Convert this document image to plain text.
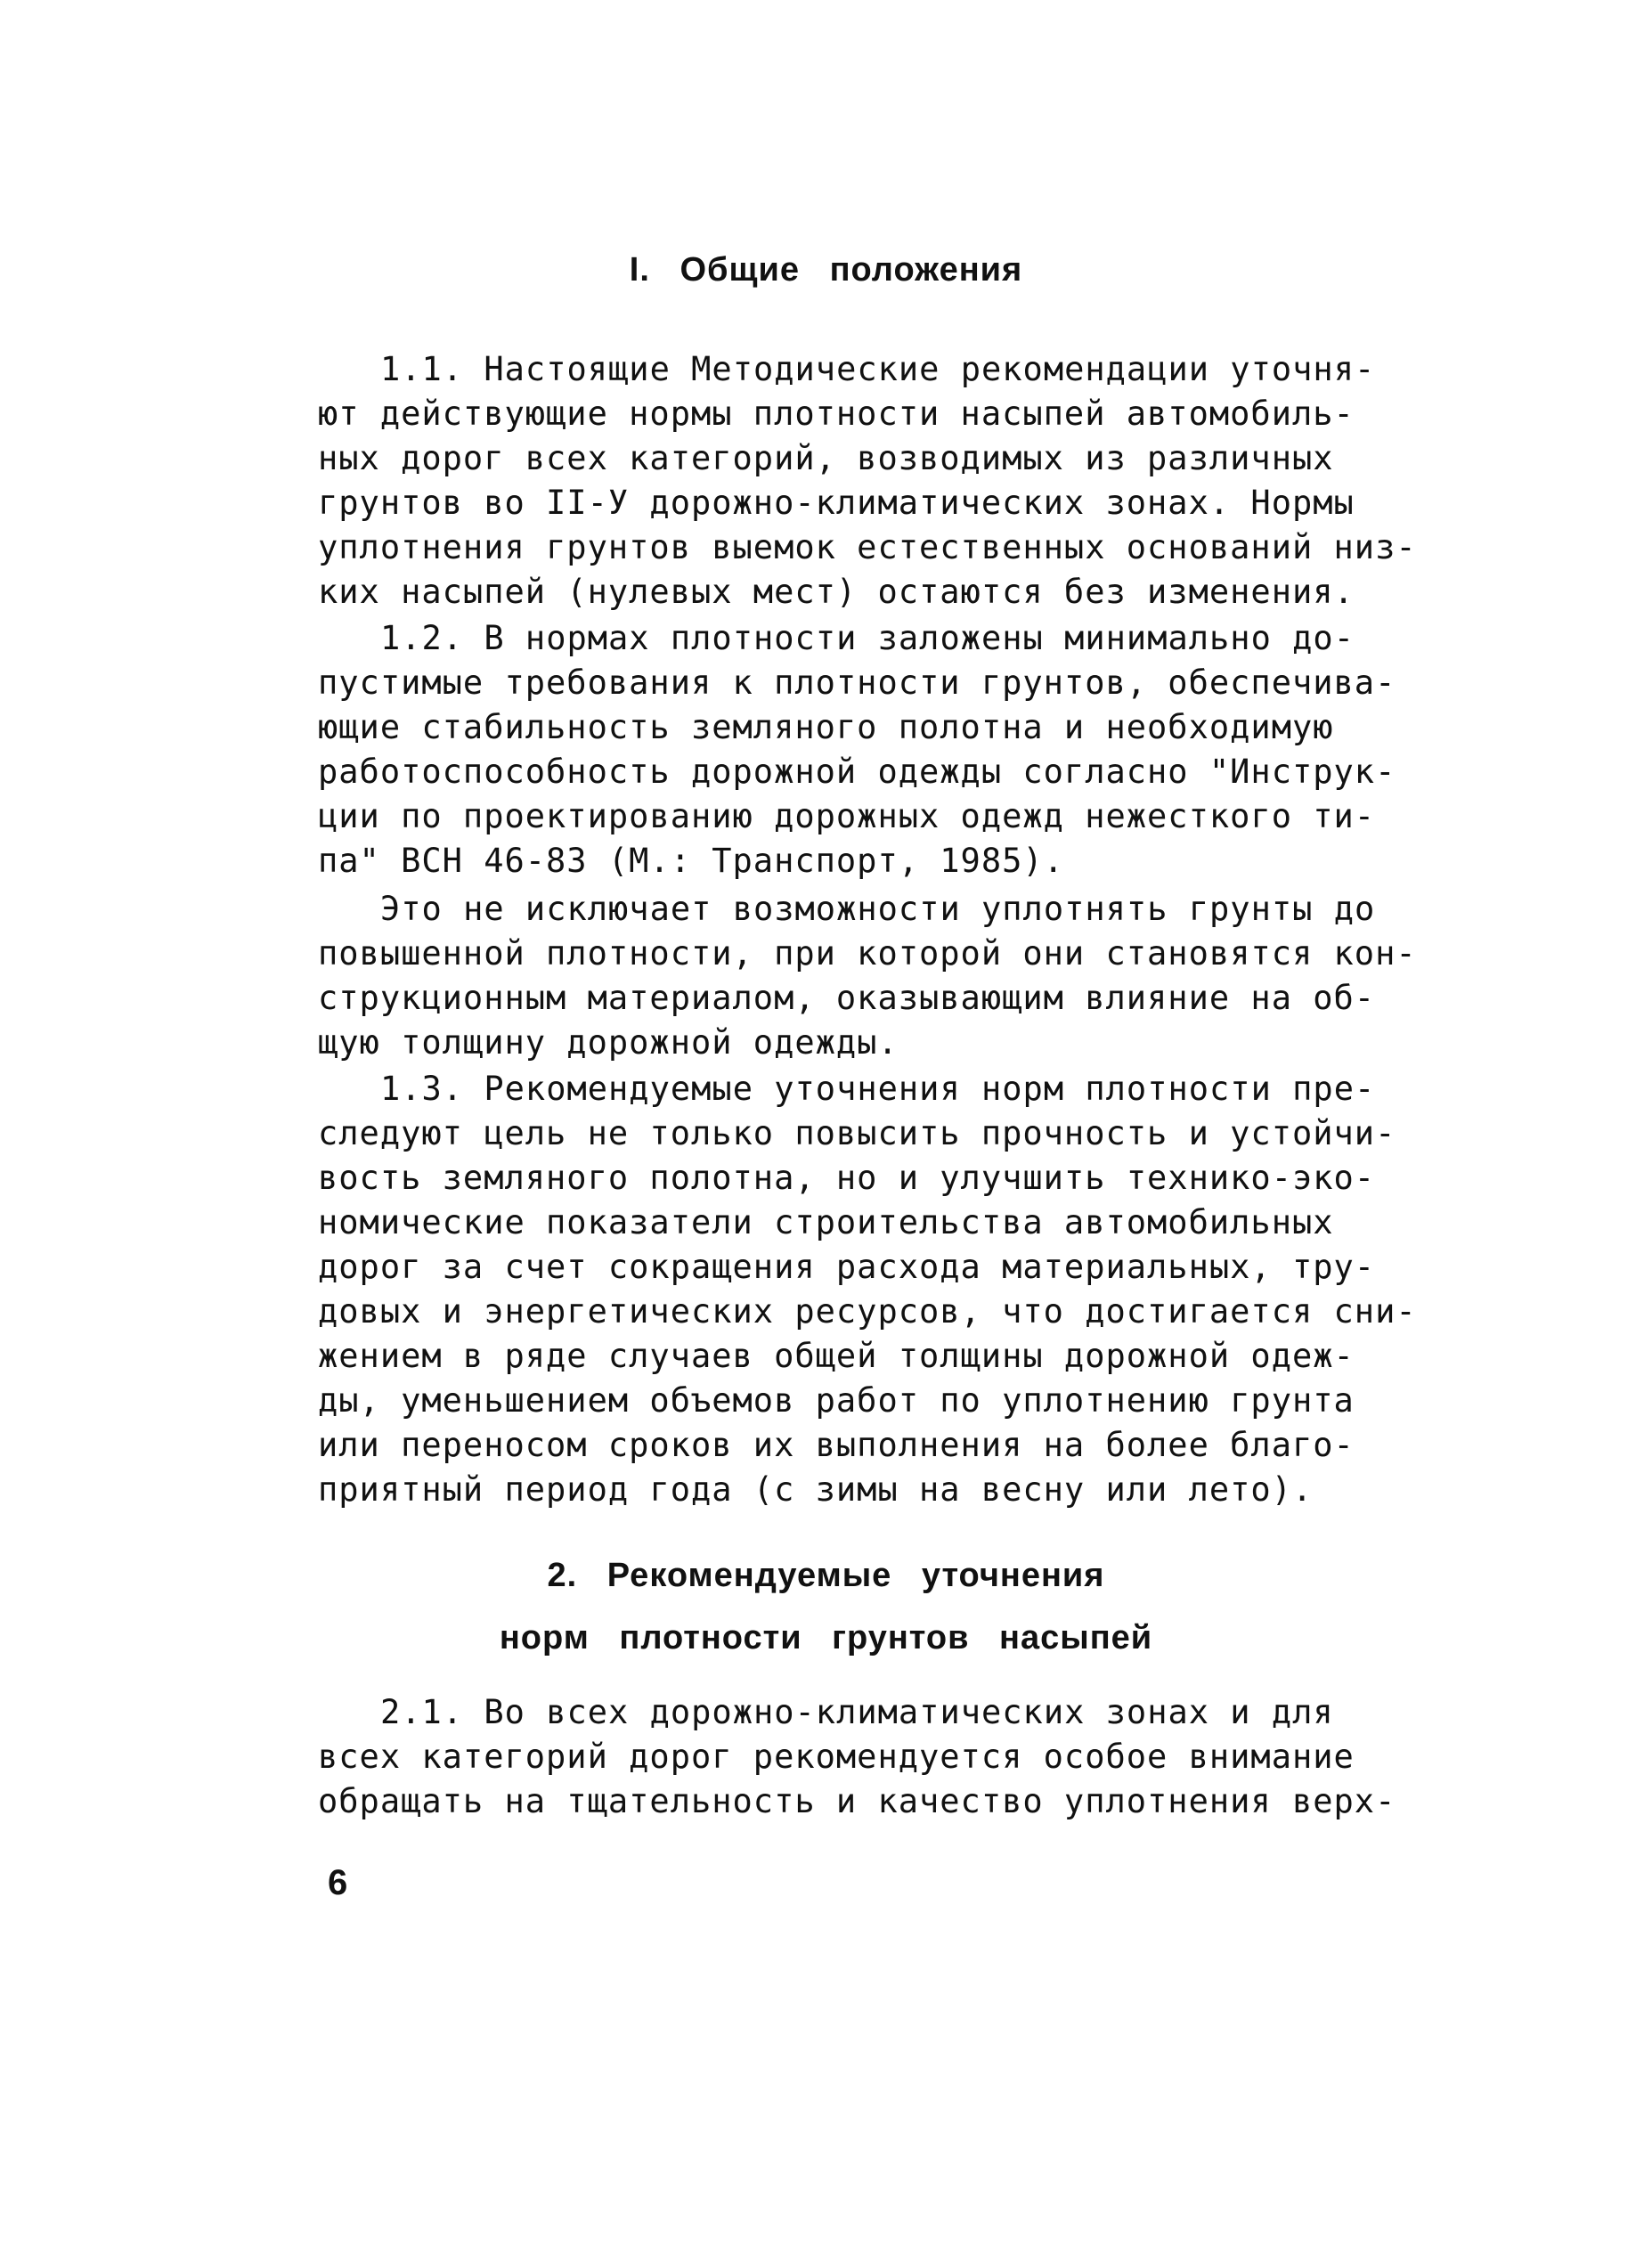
I. Общие положения
1.1. Настоящие Методические рекомендации уточня-
ют действующие нормы плотности насыпей автомобиль-
ных дорог всех категорий, возводимых из различных
грунтов во II-У дорожно-климатических зонах. Нормы
уплотнения грунтов выемок естественных оснований низ-
ких насыпей (нулевых мест) остаются без изменения.
1.2. В нормах плотности заложены минимально до-
пустимые требования к плотности грунтов, обеспечива-
ющие стабильность земляного полотна и необходимую
работоспособность дорожной одежды согласно "Инструк-
ции по проектированию дорожных одежд нежесткого ти-
па" ВСН 46-83 (М.: Транспорт, 1985).
Это не исключает возможности уплотнять грунты до
повышенной плотности, при которой они становятся кон-
струкционным материалом, оказывающим влияние на об-
щую толщину дорожной одежды.
1.3. Рекомендуемые уточнения норм плотности пре-
следуют цель не только повысить прочность и устойчи-
вость земляного полотна, но и улучшить технико-эко-
номические показатели строительства автомобильных
дорог за счет сокращения расхода материальных, тру-
довых и энергетических ресурсов, что достигается сни-
жением в ряде случаев общей толщины дорожной одеж-
ды, уменьшением объемов работ по уплотнению грунта
или переносом сроков их выполнения на более благо-
приятный период года (с зимы на весну или лето).
2. Рекомендуемые уточнения
норм плотности грунтов насыпей
2.1. Во всех дорожно-климатических зонах и для
всех категорий дорог рекомендуется особое внимание
обращать на тщательность и качество уплотнения верх-
6
